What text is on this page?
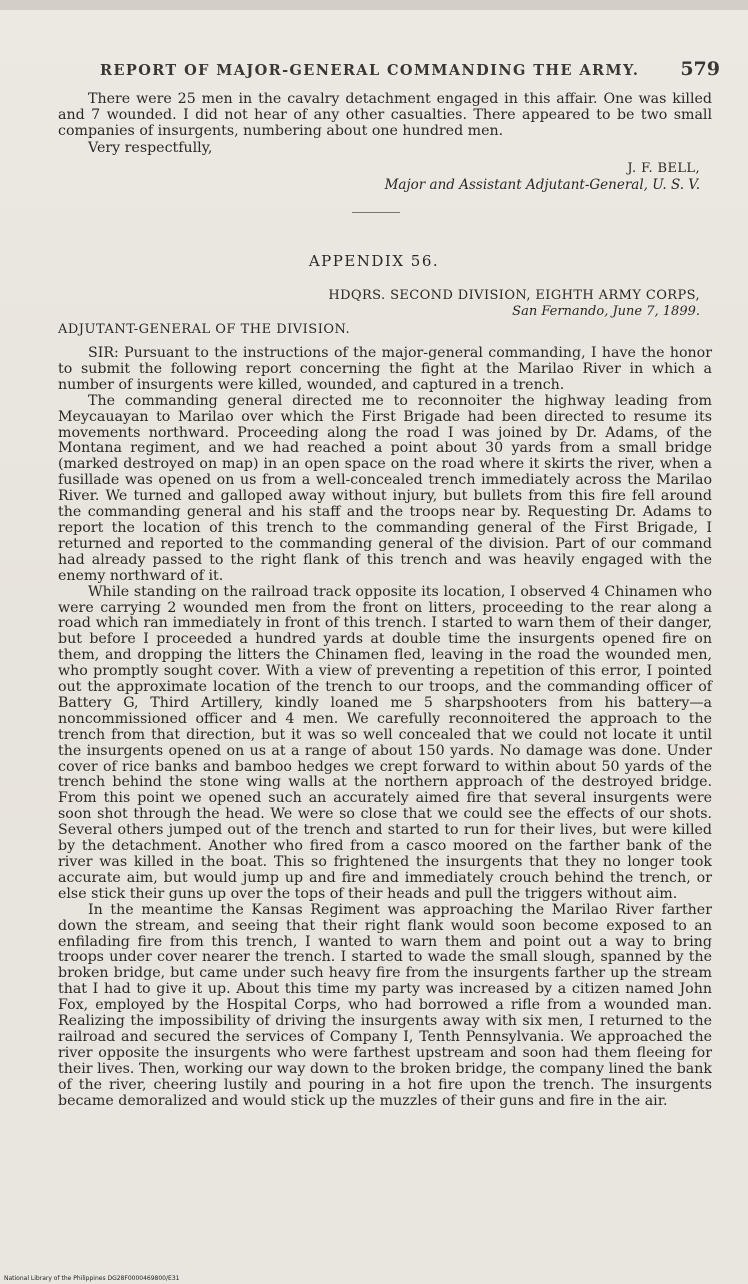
REPORT OF MAJOR-GENERAL COMMANDING THE ARMY. 579

There were 25 men in the cavalry detachment engaged in this affair. One was killed and 7 wounded. I did not hear of any other casualties. There appeared to be two small companies of insurgents, numbering about one hundred men.

Very respectfully,
J. F. BELL,
Major and Assistant Adjutant-General, U. S. V.
APPENDIX 56.
HDQRS. SECOND DIVISION, EIGHTH ARMY CORPS,
San Fernando, June 7, 1899.
ADJUTANT-GENERAL OF THE DIVISION.

SIR: Pursuant to the instructions of the major-general commanding, I have the honor to submit the following report concerning the fight at the Marilao River in which a number of insurgents were killed, wounded, and captured in a trench.

The commanding general directed me to reconnoiter the highway leading from Meycauayan to Marilao over which the First Brigade had been directed to resume its movements northward. Proceeding along the road I was joined by Dr. Adams, of the Montana regiment, and we had reached a point about 30 yards from a small bridge (marked destroyed on map) in an open space on the road where it skirts the river, when a fusillade was opened on us from a well-concealed trench immediately across the Marilao River. We turned and galloped away without injury, but bullets from this fire fell around the commanding general and his staff and the troops near by. Requesting Dr. Adams to report the location of this trench to the commanding general of the First Brigade, I returned and reported to the commanding general of the division. Part of our command had already passed to the right flank of this trench and was heavily engaged with the enemy northward of it.

While standing on the railroad track opposite its location, I observed 4 Chinamen who were carrying 2 wounded men from the front on litters, proceeding to the rear along a road which ran immediately in front of this trench. I started to warn them of their danger, but before I proceeded a hundred yards at double time the insurgents opened fire on them, and dropping the litters the Chinamen fled, leaving in the road the wounded men, who promptly sought cover. With a view of preventing a repetition of this error, I pointed out the approximate location of the trench to our troops, and the commanding officer of Battery G, Third Artillery, kindly loaned me 5 sharpshooters from his battery—a noncommissioned officer and 4 men. We carefully reconnoitered the approach to the trench from that direction, but it was so well concealed that we could not locate it until the insurgents opened on us at a range of about 150 yards. No damage was done. Under cover of rice banks and bamboo hedges we crept forward to within about 50 yards of the trench behind the stone wing walls at the northern approach of the destroyed bridge. From this point we opened such an accurately aimed fire that several insurgents were soon shot through the head. We were so close that we could see the effects of our shots. Several others jumped out of the trench and started to run for their lives, but were killed by the detachment. Another who fired from a casco moored on the farther bank of the river was killed in the boat. This so frightened the insurgents that they no longer took accurate aim, but would jump up and fire and immediately crouch behind the trench, or else stick their guns up over the tops of their heads and pull the triggers without aim.

In the meantime the Kansas Regiment was approaching the Marilao River farther down the stream, and seeing that their right flank would soon become exposed to an enfilading fire from this trench, I wanted to warn them and point out a way to bring troops under cover nearer the trench. I started to wade the small slough, spanned by the broken bridge, but came under such heavy fire from the insurgents farther up the stream that I had to give it up. About this time my party was increased by a citizen named John Fox, employed by the Hospital Corps, who had borrowed a rifle from a wounded man. Realizing the impossibility of driving the insurgents away with six men, I returned to the railroad and secured the services of Company I, Tenth Pennsylvania. We approached the river opposite the insurgents who were farthest upstream and soon had them fleeing for their lives. Then, working our way down to the broken bridge, the company lined the bank of the river, cheering lustily and pouring in a hot fire upon the trench. The insurgents became demoralized and would stick up the muzzles of their guns and fire in the air.

National Library of the Philippines DG28F0000469800/E31
